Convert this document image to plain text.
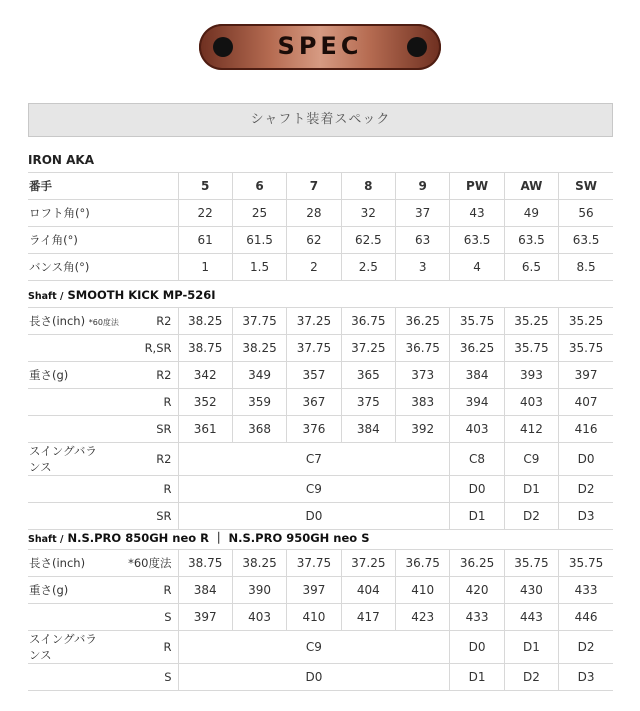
SPEC
シャフト装着スペック
IRON AKA
番手	5	6	7	8	9	PW	AW	SW
ロフト角(°)	22	25	28	32	37	43	49	56
ライ角(°)	61	61.5	62	62.5	63	63.5	63.5	63.5
バンス角(°)	1	1.5	2	2.5	3	4	6.5	8.5
Shaft / SMOOTH KICK MP-526I
長さ(inch) *60度法	R2	38.25	37.75	37.25	36.75	36.25	35.75	35.25	35.25
	R,SR	38.75	38.25	37.75	37.25	36.75	36.25	35.75	35.75
重さ(g)	R2	342	349	357	365	373	384	393	397
	R	352	359	367	375	383	394	403	407
	SR	361	368	376	384	392	403	412	416
スイングバランス	R2	C7					C8	C9	D0
	R	C9					D0	D1	D2
	SR	D0					D1	D2	D3
Shaft / N.S.PRO 850GH neo R ｜ N.S.PRO 950GH neo S
長さ(inch)	*60度法	38.75	38.25	37.75	37.25	36.75	36.25	35.75	35.75
重さ(g)	R	384	390	397	404	410	420	430	433
	S	397	403	410	417	423	433	443	446
スイングバランス	R	C9					D0	D1	D2
	S	D0					D1	D2	D3
